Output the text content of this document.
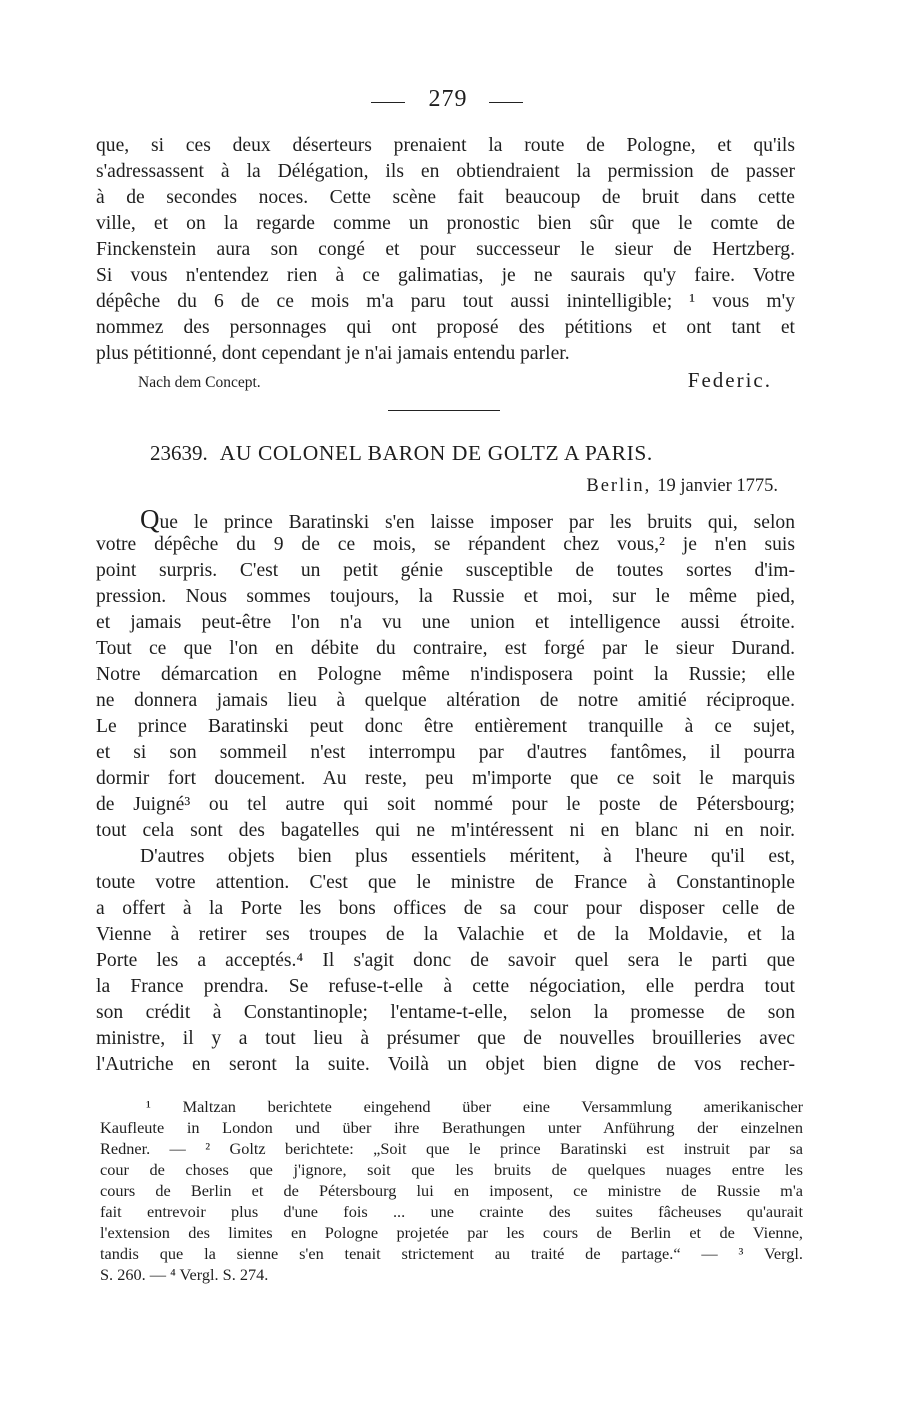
279
que, si ces deux déserteurs prenaient la route de Pologne, et qu'ils
s'adressassent à la Délégation, ils en obtiendraient la permission de passer
à de secondes noces. Cette scène fait beaucoup de bruit dans cette
ville, et on la regarde comme un pronostic bien sûr que le comte de
Finckenstein aura son congé et pour successeur le sieur de Hertzberg.
Si vous n'entendez rien à ce galimatias, je ne saurais qu'y faire. Votre
dépêche du 6 de ce mois m'a paru tout aussi inintelligible; ¹ vous m'y
nommez des personnages qui ont proposé des pétitions et ont tant et
plus pétitionné, dont cependant je n'ai jamais entendu parler.
Nach dem Concept.	Federic.
23639. AU COLONEL BARON DE GOLTZ A PARIS.
Berlin, 19 janvier 1775.
Que le prince Baratinski s'en laisse imposer par les bruits qui, selon
votre dépêche du 9 de ce mois, se répandent chez vous,² je n'en suis
point surpris. C'est un petit génie susceptible de toutes sortes d'im-
pression. Nous sommes toujours, la Russie et moi, sur le même pied,
et jamais peut-être l'on n'a vu une union et intelligence aussi étroite.
Tout ce que l'on en débite du contraire, est forgé par le sieur Durand.
Notre démarcation en Pologne même n'indisposera point la Russie; elle
ne donnera jamais lieu à quelque altération de notre amitié réciproque.
Le prince Baratinski peut donc être entièrement tranquille à ce sujet,
et si son sommeil n'est interrompu par d'autres fantômes, il pourra
dormir fort doucement. Au reste, peu m'importe que ce soit le marquis
de Juigné³ ou tel autre qui soit nommé pour le poste de Pétersbourg;
tout cela sont des bagatelles qui ne m'intéressent ni en blanc ni en noir.
D'autres objets bien plus essentiels méritent, à l'heure qu'il est,
toute votre attention. C'est que le ministre de France à Constantinople
a offert à la Porte les bons offices de sa cour pour disposer celle de
Vienne à retirer ses troupes de la Valachie et de la Moldavie, et la
Porte les a acceptés.⁴ Il s'agit donc de savoir quel sera le parti que
la France prendra. Se refuse-t-elle à cette négociation, elle perdra tout
son crédit à Constantinople; l'entame-t-elle, selon la promesse de son
ministre, il y a tout lieu à présumer que de nouvelles brouilleries avec
l'Autriche en seront la suite. Voilà un objet bien digne de vos recher-
¹ Maltzan berichtete eingehend über eine Versammlung amerikanischer
Kaufleute in London und über ihre Berathungen unter Anführung der einzelnen
Redner. — ² Goltz berichtete: „Soit que le prince Baratinski est instruit par sa
cour de choses que j'ignore, soit que les bruits de quelques nuages entre les
cours de Berlin et de Pétersbourg lui en imposent, ce ministre de Russie m'a
fait entrevoir plus d'une fois ... une crainte des suites fâcheuses qu'aurait
l'extension des limites en Pologne projetée par les cours de Berlin et de Vienne,
tandis que la sienne s'en tenait strictement au traité de partage.“ — ³ Vergl.
S. 260. — ⁴ Vergl. S. 274.
